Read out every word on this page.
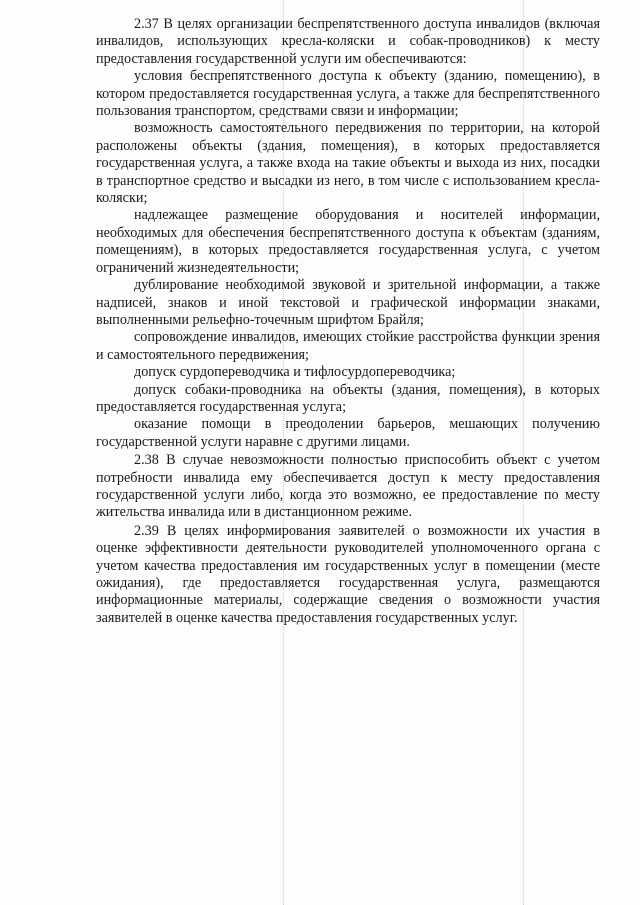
2.37 В целях организации беспрепятственного доступа инвалидов (включая инвалидов, использующих кресла-коляски и собак-проводников) к месту предоставления государственной услуги им обеспечиваются:

условия беспрепятственного доступа к объекту (зданию, помещению), в котором предоставляется государственная услуга, а также для беспрепятственного пользования транспортом, средствами связи и информации;

возможность самостоятельного передвижения по территории, на которой расположены объекты (здания, помещения), в которых предоставляется государственная услуга, а также входа на такие объекты и выхода из них, посадки в транспортное средство и высадки из него, в том числе с использованием кресла-коляски;

надлежащее размещение оборудования и носителей информации, необходимых для обеспечения беспрепятственного доступа к объектам (зданиям, помещениям), в которых предоставляется государственная услуга, с учетом ограничений жизнедеятельности;

дублирование необходимой звуковой и зрительной информации, а также надписей, знаков и иной текстовой и графической информации знаками, выполненными рельефно-точечным шрифтом Брайля;

сопровождение инвалидов, имеющих стойкие расстройства функции зрения и самостоятельного передвижения;

допуск сурдопереводчика и тифлосурдопереводчика;

допуск собаки-проводника на объекты (здания, помещения), в которых предоставляется государственная услуга;

оказание помощи в преодолении барьеров, мешающих получению государственной услуги наравне с другими лицами.

2.38 В случае невозможности полностью приспособить объект с учетом потребности инвалида ему обеспечивается доступ к месту предоставления государственной услуги либо, когда это возможно, ее предоставление по месту жительства инвалида или в дистанционном режиме.

2.39 В целях информирования заявителей о возможности их участия в оценке эффективности деятельности руководителей уполномоченного органа с учетом качества предоставления им государственных услуг в помещении (месте ожидания), где предоставляется государственная услуга, размещаются информационные материалы, содержащие сведения о возможности участия заявителей в оценке качества предоставления государственных услуг.
